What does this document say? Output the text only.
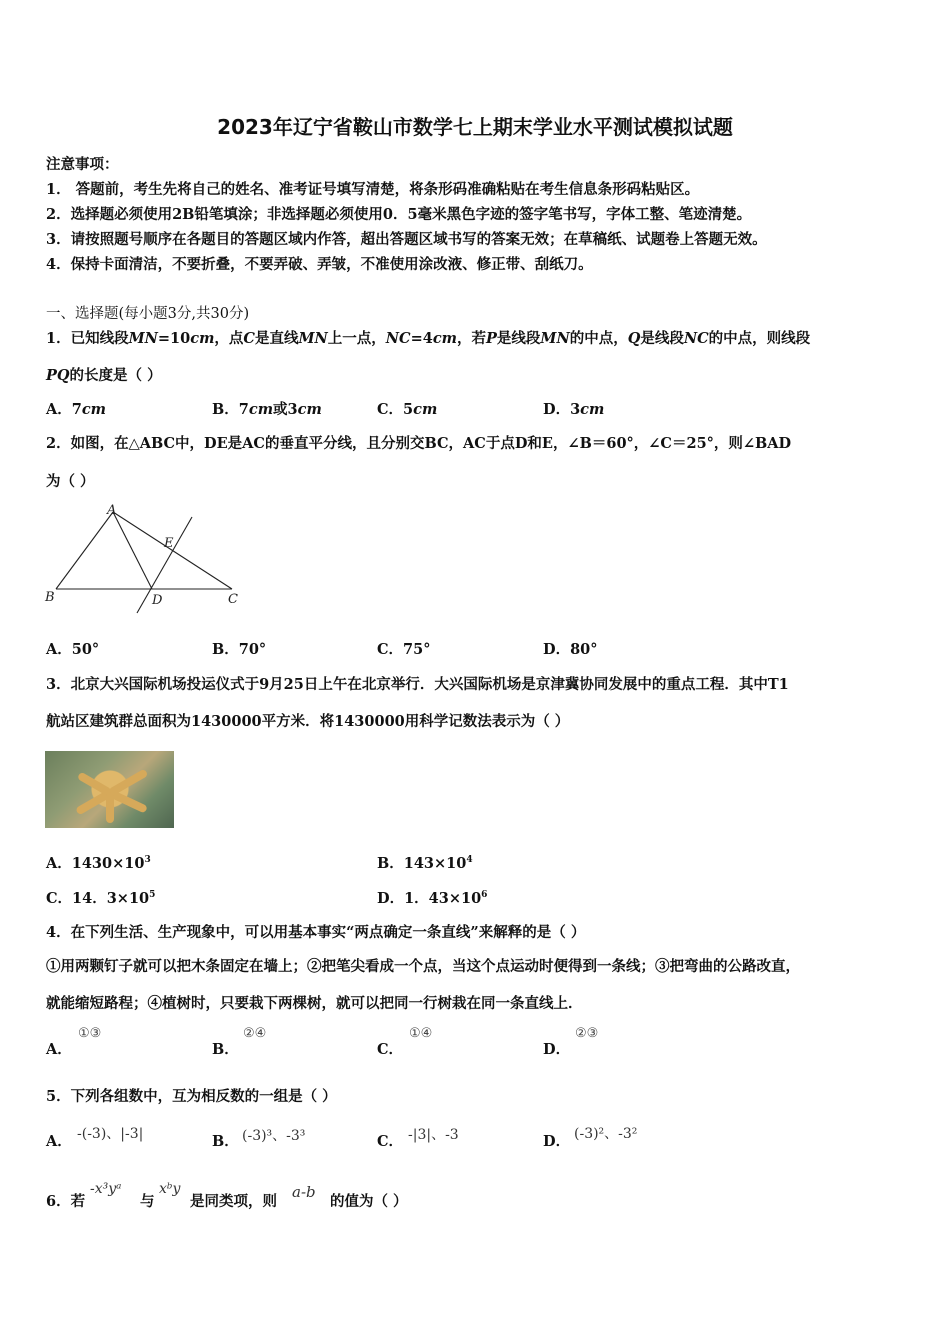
2023年辽宁省鞍山市数学七上期末学业水平测试模拟试题
注意事项：
1． 答题前，考生先将自己的姓名、准考证号填写清楚，将条形码准确粘贴在考生信息条形码粘贴区。
2．选择题必须使用2B铅笔填涂；非选择题必须使用0．5毫米黑色字迹的签字笔书写，字体工整、笔迹清楚。
3．请按照题号顺序在各题目的答题区域内作答，超出答题区域书写的答案无效；在草稿纸、试题卷上答题无效。
4．保持卡面清洁，不要折叠，不要弄破、弄皱，不准使用涂改液、修正带、刮纸刀。
一、选择题(每小题3分,共30分)
1．已知线段MN=10cm，点C是直线MN上一点，NC=4cm，若P是线段MN的中点，Q是线段NC的中点，则线段
PQ的长度是（ ）
A．7cm	B．7cm或3cm	C．5cm	D．3cm
2．如图，在△ABC中，DE是AC的垂直平分线，且分别交BC，AC于点D和E，∠B＝60°，∠C＝25°，则∠BAD
为（ ）
A
B	C
D
E
A．50°	B．70°	C．75°	D．80°
3．北京大兴国际机场投运仪式于9月25日上午在北京举行．大兴国际机场是京津冀协同发展中的重点工程．其中T1
航站区建筑群总面积为1430000平方米．将1430000用科学记数法表示为（ ）
A．$1430\times 10^3$	B．$143\times 10^4$
C．14．$3\times 10^5$	D．1．$43\times 10^6$
4．在下列生活、生产现象中，可以用基本事实“两点确定一条直线”来解释的是（ ）
①用两颗钉子就可以把木条固定在墙上；②把笔尖看成一个点，当这个点运动时便得到一条线；③把弯曲的公路改直，
就能缩短路程；④植树时，只要栽下两棵树，就可以把同一行树栽在同一条直线上．
A．
①③
B．
②④
C．
①④
D．
②③
5．下列各组数中，互为相反数的一组是（ ）
A． -(-3)、|-3|	B． (-3)³、-3³	C． -|3|、-3	D． (-3)²、-3²
6．若
-x³yᵃ
与
xᵇy
是同类项，则
a-b
的值为（ ）
